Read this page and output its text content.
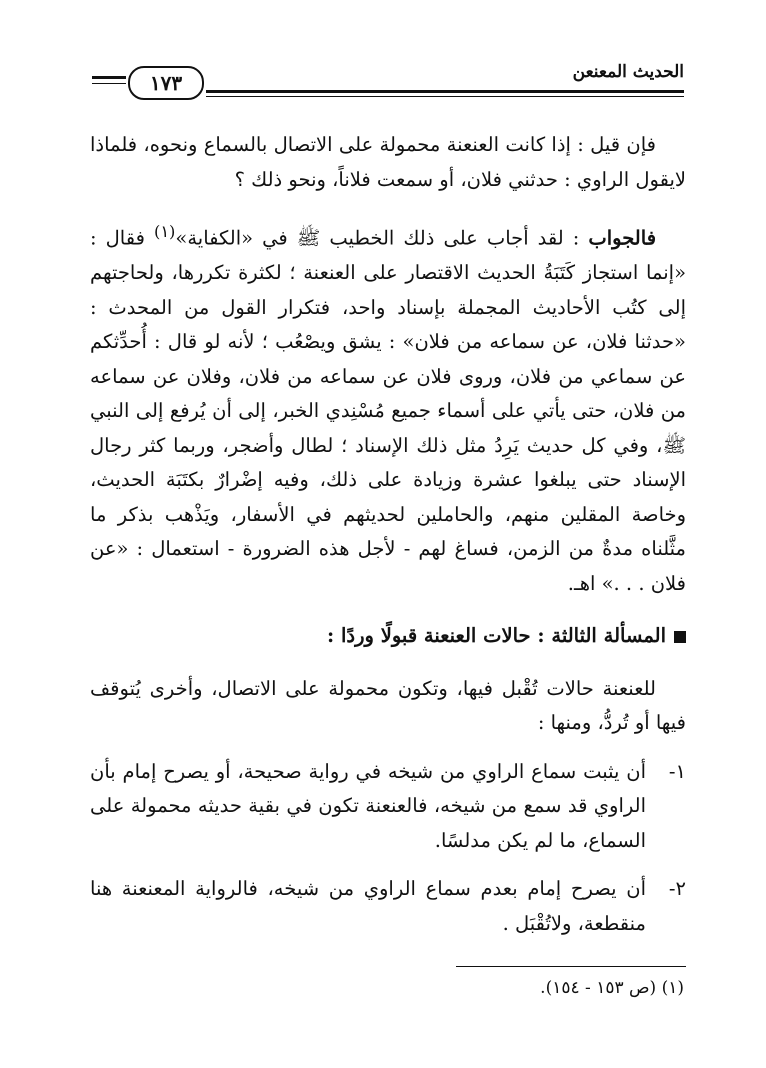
١٧٣	الحديث المعنعن

فإن قيل : إذا كانت العنعنة محمولة على الاتصال بالسماع ونحوه، فلماذا لايقول الراوي : حدثني فلان، أو سمعت فلاناً، ونحو ذلك ؟

فالجواب : لقد أجاب على ذلك الخطيب ﷺ في «الكفاية»$^{(١)}$ فقال : «إنما استجاز كَتَبَةُ الحديث الاقتصار على العنعنة ؛ لكثرة تكررها، ولحاجتهم إلى كتُب الأحاديث المجملة بإسناد واحد، فتكرار القول من المحدث : «حدثنا فلان، عن سماعه من فلان» : يشق ويصْعُب ؛ لأنه لو قال : أُحدِّثكم عن سماعي من فلان، وروى فلان عن سماعه من فلان، وفلان عن سماعه من فلان، حتى يأتي على أسماء جميع مُسْنِدي الخبر، إلى أن يُرفع إلى النبي ﷺ، وفي كل حديث يَرِدُ مثل ذلك الإسناد ؛ لطال وأضجر، وربما كثر رجال الإسناد حتى يبلغوا عشرة وزيادة على ذلك، وفيه إضْرارٌ بكتَبَة الحديث، وخاصة المقلين منهم، والحاملين لحديثهم في الأسفار، ويَذْهب بذكر ما مثَّلناه مدةٌ من الزمن، فساغ لهم - لأجل هذه الضرورة - استعمال : «عن فلان . . .» اهـ.

المسألة الثالثة : حالات العنعنة قبولًا وردًا :

للعنعنة حالات تُقْبل فيها، وتكون محمولة على الاتصال، وأخرى يُتوقف فيها أو تُردُّ، ومنها :

١-
أن يثبت سماع الراوي من شيخه في رواية صحيحة، أو يصرح إمام بأن الراوي قد سمع من شيخه، فالعنعنة تكون في بقية حديثه محمولة على السماع، ما لم يكن مدلسًا.
٢-
أن يصرح إمام بعدم سماع الراوي من شيخه، فالرواية المعنعنة هنا منقطعة، ولاتُقْبَل .
(١) (ص ١٥٣ - ١٥٤).
